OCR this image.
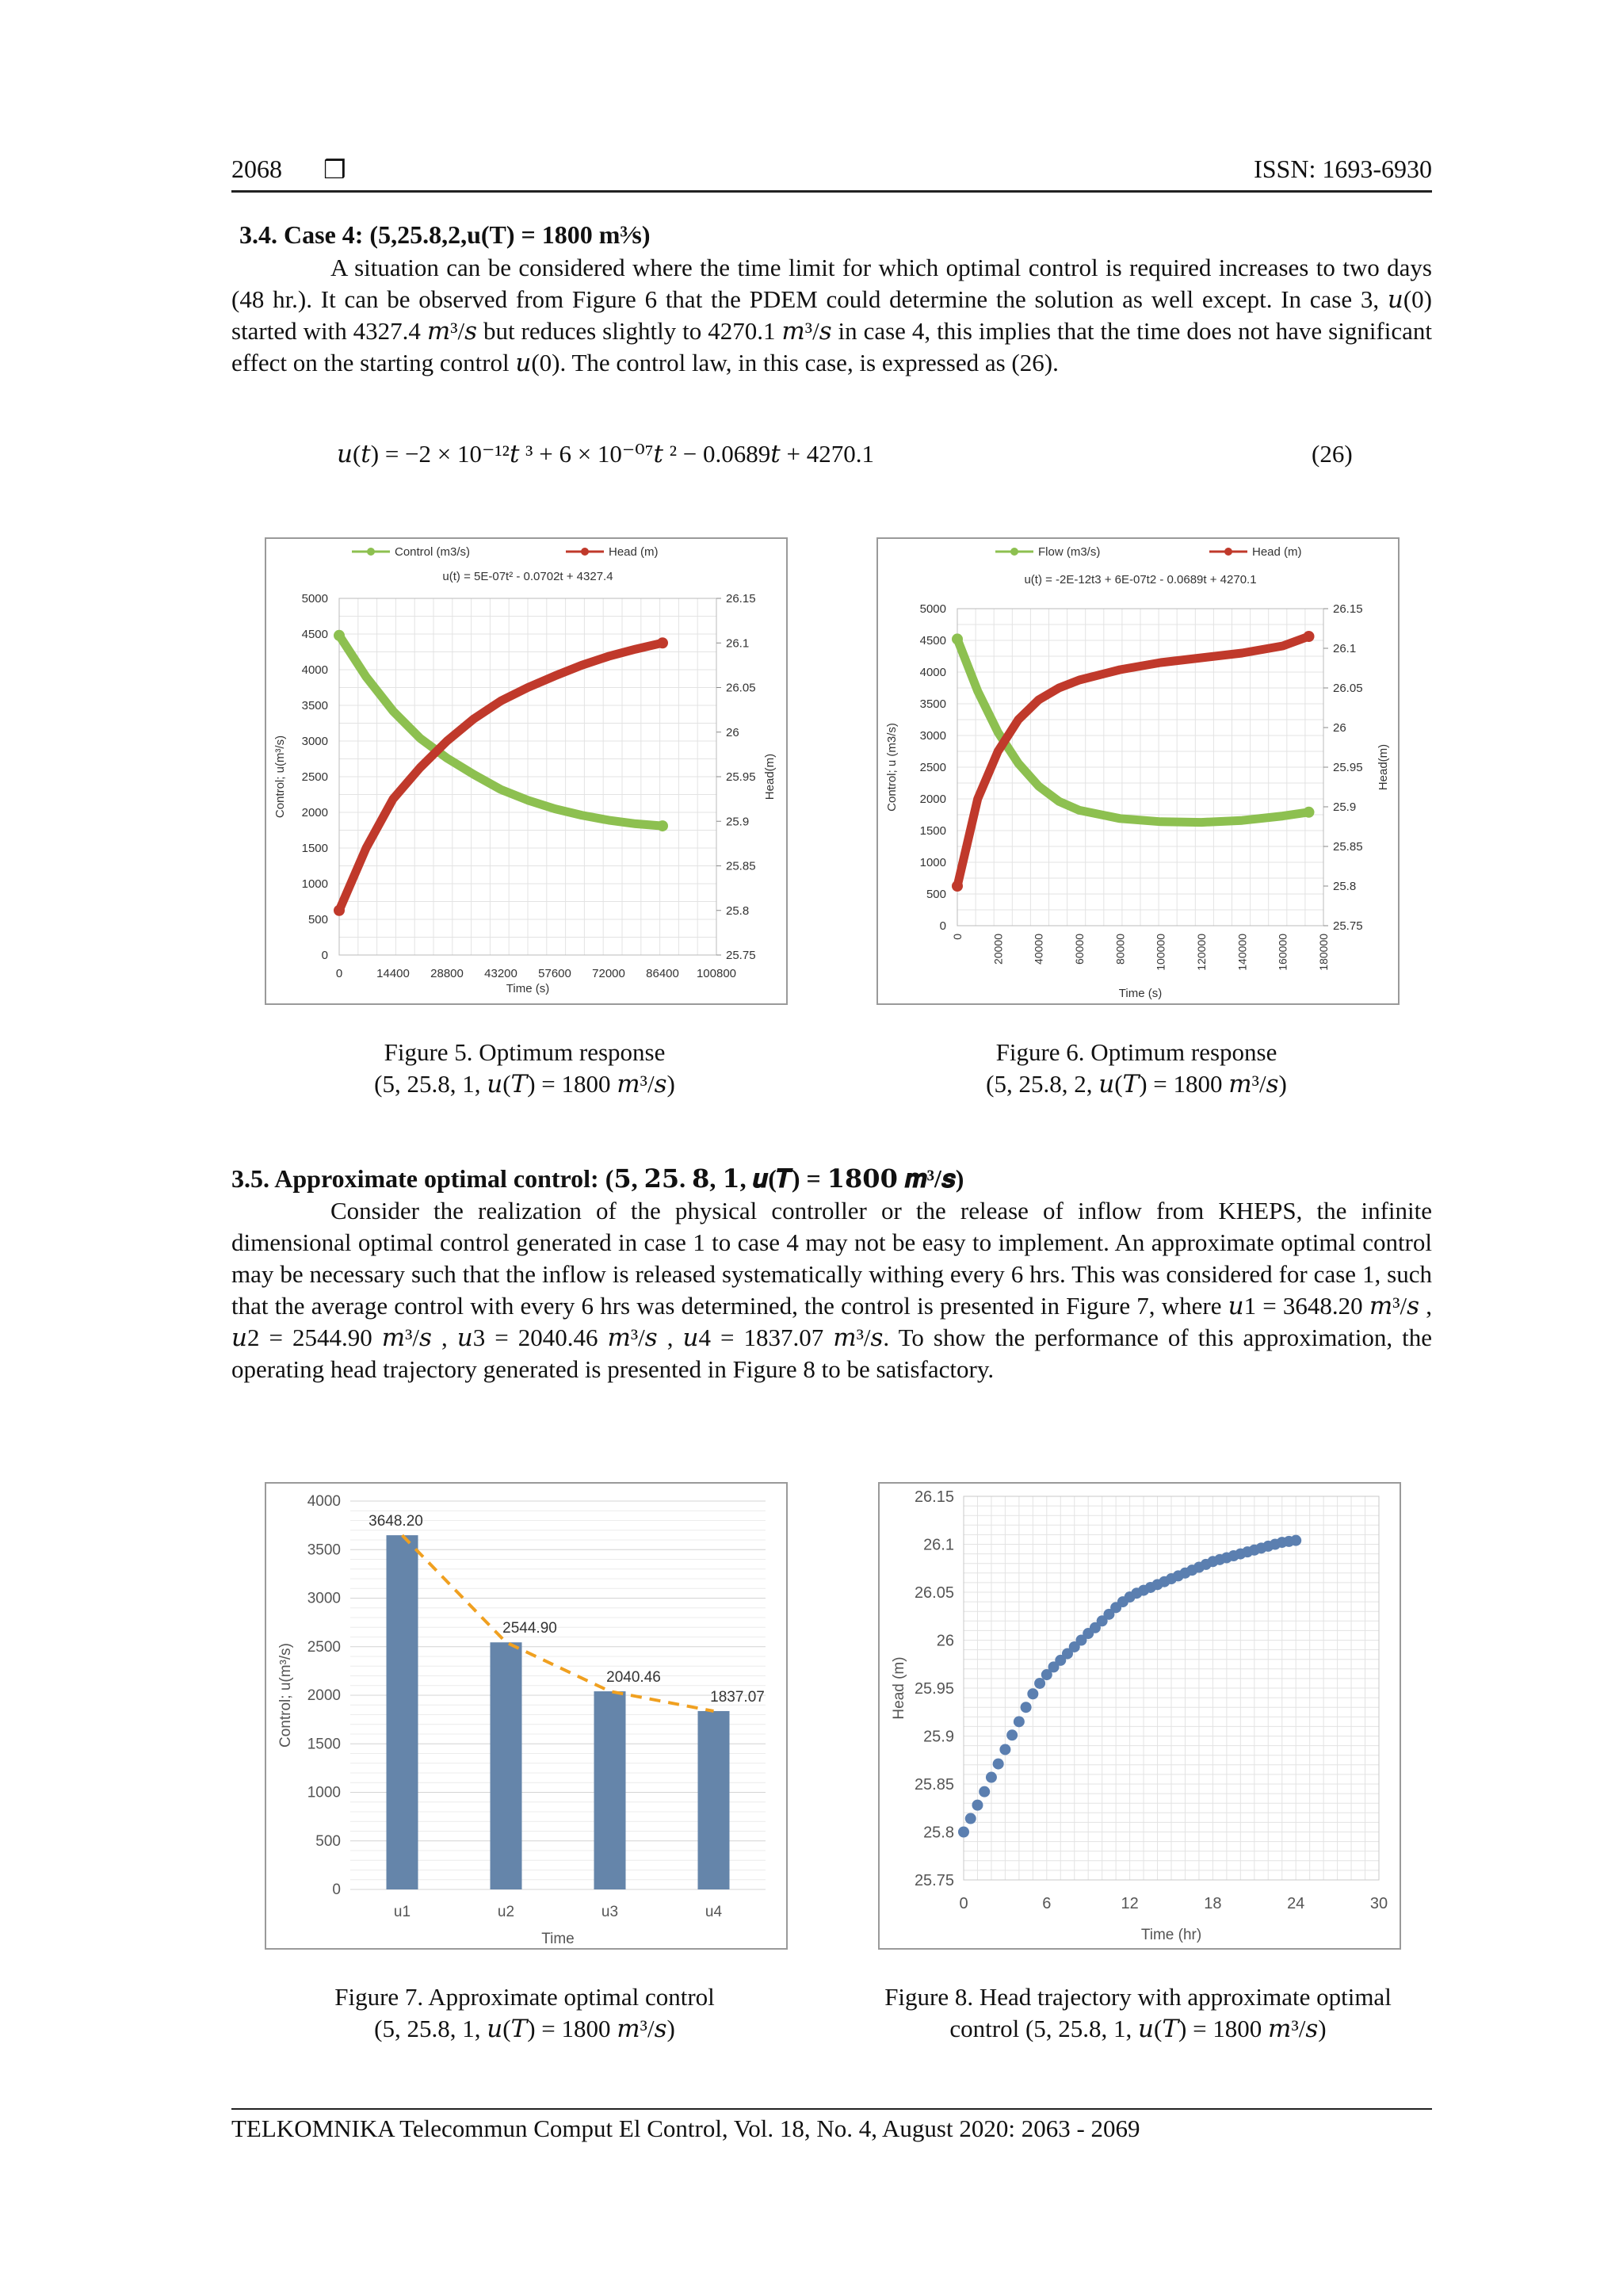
2068 ❒	ISSN: 1693-6930
3.4. Case 4: (5,25.8,2,u(T) = 1800 m³⁄s)

A situation can be considered where the time limit for which optimal control is required increases to two days (48 hr.). It can be observed from Figure 6 that the PDEM could determine the solution as well except. In case 3, 𝑢(0) started with 4327.4 𝑚³/𝑠 but reduces slightly to 4270.1 𝑚³/𝑠 in case 4, this implies that the time does not have significant effect on the starting control 𝑢(0). The control law, in this case, is expressed as (26).

𝑢(𝑡) = −2 × 10⁻¹²𝑡 ³ + 6 × 10⁻⁰⁷𝑡 ² − 0.0689𝑡 + 4270.1	(26)
0
500
1000
1500
2000
2500
3000
3500
4000
4500
5000
25.75
25.8
25.85
25.9
25.95
26
26.05
26.1
26.15
0	14400 28800 43200 57600 72000 86400 100800
Time (s)
Control; u(m³/s)	Head(m)
u(t) = 5E-07t² - 0.0702t + 4327.4
Control (m3/s)	Head (m)
Figure 5. Optimum response
(5, 25.8, 1, 𝑢(𝑇) = 1800 𝑚³/𝑠)
0
500
1000
1500
2000
2500
3000
3500
4000
4500
5000
25.75
25.8
25.85
25.9
25.95
26
26.05
26.1
26.15
0	20000	40000	60000	80000	100000	120000	140000	160000	180000
Time (s)
Control; u (m3/s)	Head(m)
u(t) = -2E-12t3 + 6E-07t2 - 0.0689t + 4270.1
Flow (m3/s)	Head (m)
Figure 6. Optimum response
(5, 25.8, 2, 𝑢(𝑇) = 1800 𝑚³/𝑠)
3.5. Approximate optimal control: (𝟓, 𝟐𝟓. 𝟖, 𝟏, 𝒖(𝑻) = 𝟏𝟖𝟎𝟎 𝒎³/𝒔)

Consider the realization of the physical controller or the release of inflow from KHEPS, the infinite dimensional optimal control generated in case 1 to case 4 may not be easy to implement. An approximate optimal control may be necessary such that the inflow is released systematically withing every 6 hrs. This was considered for case 1, such that the average control with every 6 hrs was determined, the control is presented in Figure 7, where 𝑢1 = 3648.20 𝑚³/𝑠 , 𝑢2 = 2544.90 𝑚³/𝑠 , 𝑢3 = 2040.46 𝑚³/𝑠 , 𝑢4 = 1837.07 𝑚³/𝑠. To show the performance of this approximation, the operating head trajectory generated is presented in Figure 8 to be satisfactory.

0
500
1000
1500
2000
2500
3000
3500
4000
u1
3648.20
u2
2544.90
u3
2040.46
u4
1837.07
Time
Control; u(m³/s)
Figure 7. Approximate optimal control
(5, 25.8, 1, 𝑢(𝑇) = 1800 𝑚³/𝑠)
25.75
25.8
25.85
25.9
25.95
26
26.05
26.1
26.15
0	6	12	18	24	30
Time (hr)
Head (m)
Figure 8. Head trajectory with approximate optimal
control (5, 25.8, 1, 𝑢(𝑇) = 1800 𝑚³/𝑠)
TELKOMNIKA Telecommun Comput El Control, Vol. 18, No. 4, August 2020: 2063 - 2069
